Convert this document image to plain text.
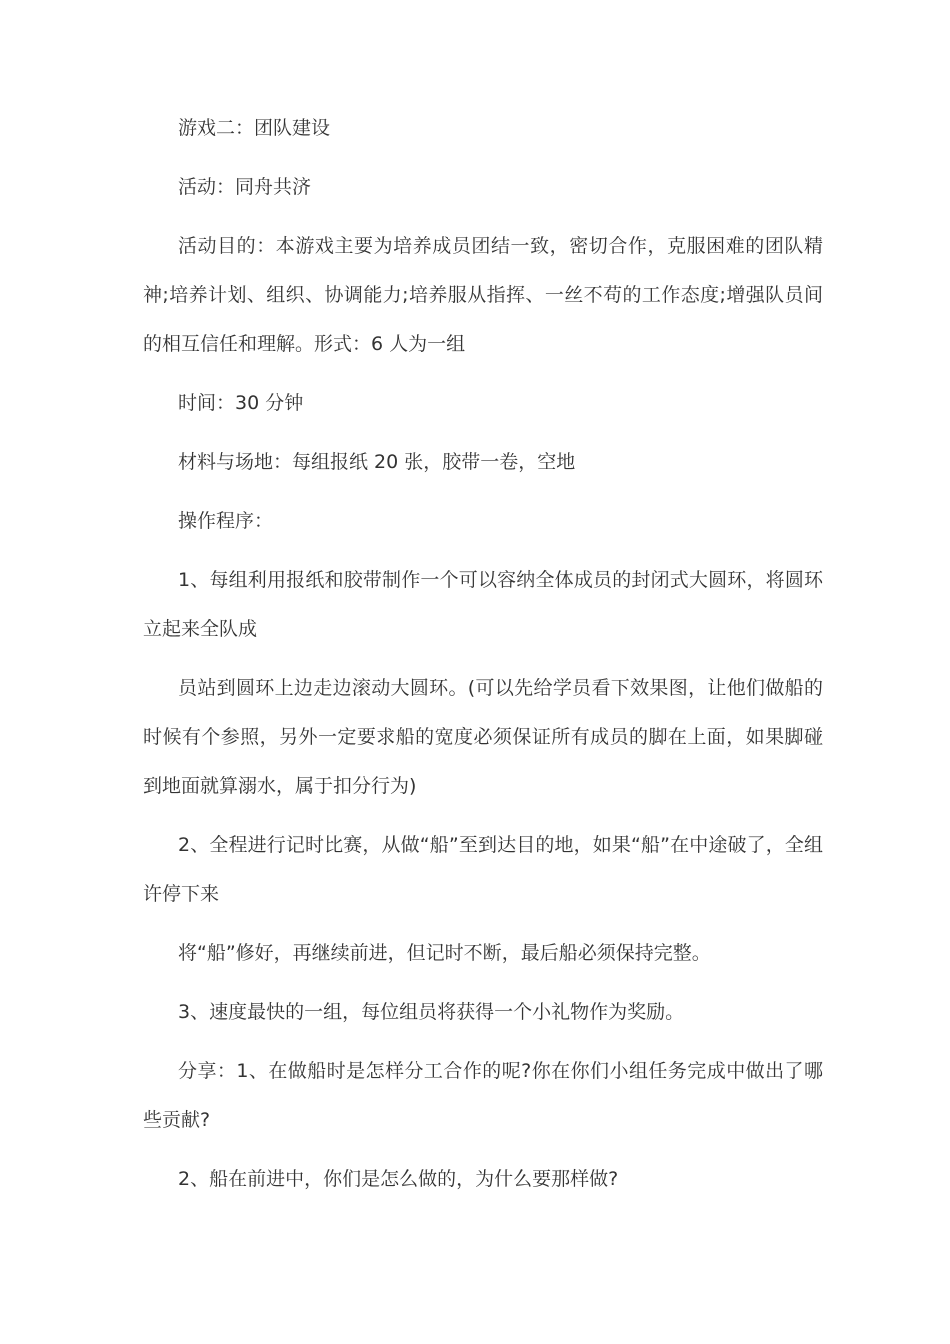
游戏二：团队建设

活动：同舟共济

活动目的：本游戏主要为培养成员团结一致，密切合作，克服困难的团队精神;培养计划、组织、协调能力;培养服从指挥、一丝不苟的工作态度;增强队员间的相互信任和理解。形式：6 人为一组

时间：30 分钟

材料与场地：每组报纸 20 张，胶带一卷，空地

操作程序：

1、每组利用报纸和胶带制作一个可以容纳全体成员的封闭式大圆环，将圆环立起来全队成

员站到圆环上边走边滚动大圆环。(可以先给学员看下效果图，让他们做船的时候有个参照，另外一定要求船的宽度必须保证所有成员的脚在上面，如果脚碰到地面就算溺水，属于扣分行为)

2、全程进行记时比赛，从做“船”至到达目的地，如果“船”在中途破了，全组许停下来

将“船”修好，再继续前进，但记时不断，最后船必须保持完整。

3、速度最快的一组，每位组员将获得一个小礼物作为奖励。

分享：1、在做船时是怎样分工合作的呢?你在你们小组任务完成中做出了哪些贡献?

2、船在前进中，你们是怎么做的，为什么要那样做?
